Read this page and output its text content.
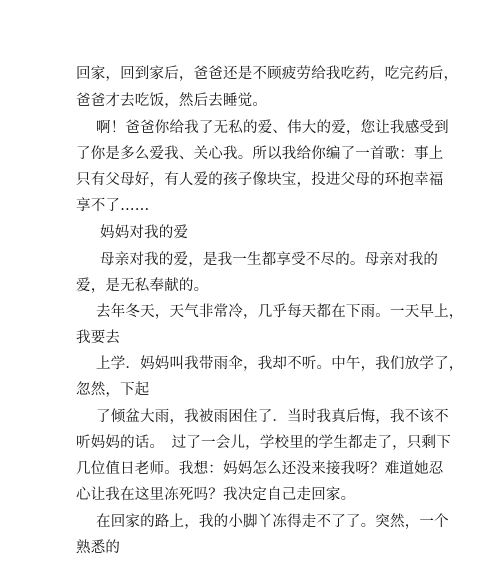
回家，回到家后，爸爸还是不顾疲劳给我吃药，吃完药后，
爸爸才去吃饭，然后去睡觉。
啊！爸爸你给我了无私的爱、伟大的爱，您让我感受到
了你是多么爱我、关心我。所以我给你编了一首歌：事上
只有父母好，有人爱的孩子像块宝，投进父母的环抱幸福
享不了……
妈妈对我的爱
母亲对我的爱，是我一生都享受不尽的。母亲对我的
爱，是无私奉献的。
去年冬天，天气非常冷，几乎每天都在下雨。一天早上，
我要去
上学．妈妈叫我带雨伞，我却不听。中午，我们放学了，
忽然，下起
了倾盆大雨，我被雨困住了．当时我真后悔，我不该不
听妈妈的话。　过了一会儿，学校里的学生都走了，只剩下
几位值日老师。我想：妈妈怎么还没来接我呀？难道她忍
心让我在这里冻死吗？我决定自己走回家。
在回家的路上，我的小脚丫冻得走不了了。突然，一个
熟悉的
